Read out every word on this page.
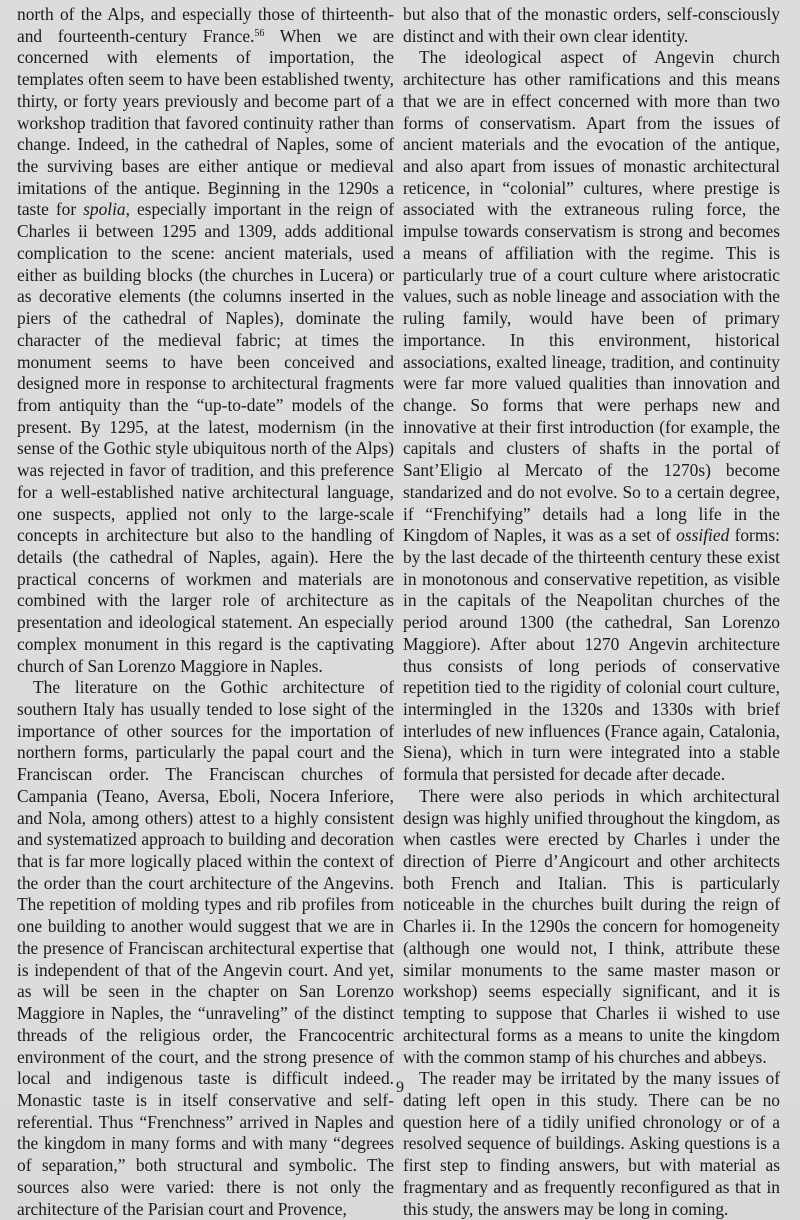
north of the Alps, and especially those of thirteenth- and fourteenth-century France.$^{56}$ When we are concerned with elements of importation, the templates often seem to have been established twenty, thirty, or forty years previously and become part of a workshop tradition that favored continuity rather than change. Indeed, in the cathedral of Naples, some of the surviving bases are either antique or medieval imitations of the antique. Beginning in the 1290s a taste for spolia, especially important in the reign of Charles ii between 1295 and 1309, adds additional complication to the scene: ancient materials, used either as building blocks (the churches in Lucera) or as decorative elements (the columns inserted in the piers of the cathedral of Naples), dominate the character of the medieval fabric; at times the monument seems to have been conceived and designed more in response to architectural fragments from antiquity than the “up-to-date” models of the present. By 1295, at the latest, modernism (in the sense of the Gothic style ubiquitous north of the Alps) was rejected in favor of tradition, and this preference for a well-established native architectural language, one suspects, applied not only to the large-scale concepts in architecture but also to the handling of details (the cathedral of Naples, again). Here the practical concerns of workmen and materials are combined with the larger role of architecture as presentation and ideological statement. An especially complex monument in this regard is the captivating church of San Lorenzo Maggiore in Naples.

The literature on the Gothic architecture of southern Italy has usually tended to lose sight of the importance of other sources for the importation of northern forms, particularly the papal court and the Franciscan order. The Franciscan churches of Campania (Teano, Aversa, Eboli, Nocera Inferiore, and Nola, among others) attest to a highly consistent and systematized approach to building and decoration that is far more logically placed within the context of the order than the court architecture of the Angevins. The repetition of molding types and rib profiles from one building to another would suggest that we are in the presence of Franciscan architectural expertise that is independent of that of the Angevin court. And yet, as will be seen in the chapter on San Lorenzo Maggiore in Naples, the “unraveling” of the distinct threads of the religious order, the Francocentric environment of the court, and the strong presence of local and indigenous taste is difficult indeed. Monastic taste is in itself conservative and self-referential. Thus “Frenchness” arrived in Naples and the kingdom in many forms and with many “degrees of separation,” both structural and symbolic. The sources also were varied: there is not only the architecture of the Parisian court and Provence,

but also that of the monastic orders, self-consciously distinct and with their own clear identity.

The ideological aspect of Angevin church architecture has other ramifications and this means that we are in effect concerned with more than two forms of conservatism. Apart from the issues of ancient materials and the evocation of the antique, and also apart from issues of monastic architectural reticence, in “colonial” cultures, where prestige is associated with the extraneous ruling force, the impulse towards conservatism is strong and becomes a means of affiliation with the regime. This is particularly true of a court culture where aristocratic values, such as noble lineage and association with the ruling family, would have been of primary importance. In this environment, historical associations, exalted lineage, tradition, and continuity were far more valued qualities than innovation and change. So forms that were perhaps new and innovative at their first introduction (for example, the capitals and clusters of shafts in the portal of Sant’Eligio al Mercato of the 1270s) become standarized and do not evolve. So to a certain degree, if “Frenchifying” details had a long life in the Kingdom of Naples, it was as a set of ossified forms: by the last decade of the thirteenth century these exist in monotonous and conservative repetition, as visible in the capitals of the Neapolitan churches of the period around 1300 (the cathedral, San Lorenzo Maggiore). After about 1270 Angevin architecture thus consists of long periods of conservative repetition tied to the rigidity of colonial court culture, intermingled in the 1320s and 1330s with brief interludes of new influences (France again, Catalonia, Siena), which in turn were integrated into a stable formula that persisted for decade after decade.

There were also periods in which architectural design was highly unified throughout the kingdom, as when castles were erected by Charles i under the direction of Pierre d’Angicourt and other architects both French and Italian. This is particularly noticeable in the churches built during the reign of Charles ii. In the 1290s the concern for homogeneity (although one would not, I think, attribute these similar monuments to the same master mason or workshop) seems especially significant, and it is tempting to suppose that Charles ii wished to use architectural forms as a means to unite the kingdom with the common stamp of his churches and abbeys.

The reader may be irritated by the many issues of dating left open in this study. There can be no question here of a tidily unified chronology or of a resolved sequence of buildings. Asking questions is a first step to finding answers, but with material as fragmentary and as frequently reconfigured as that in this study, the answers may be long in coming.

9
